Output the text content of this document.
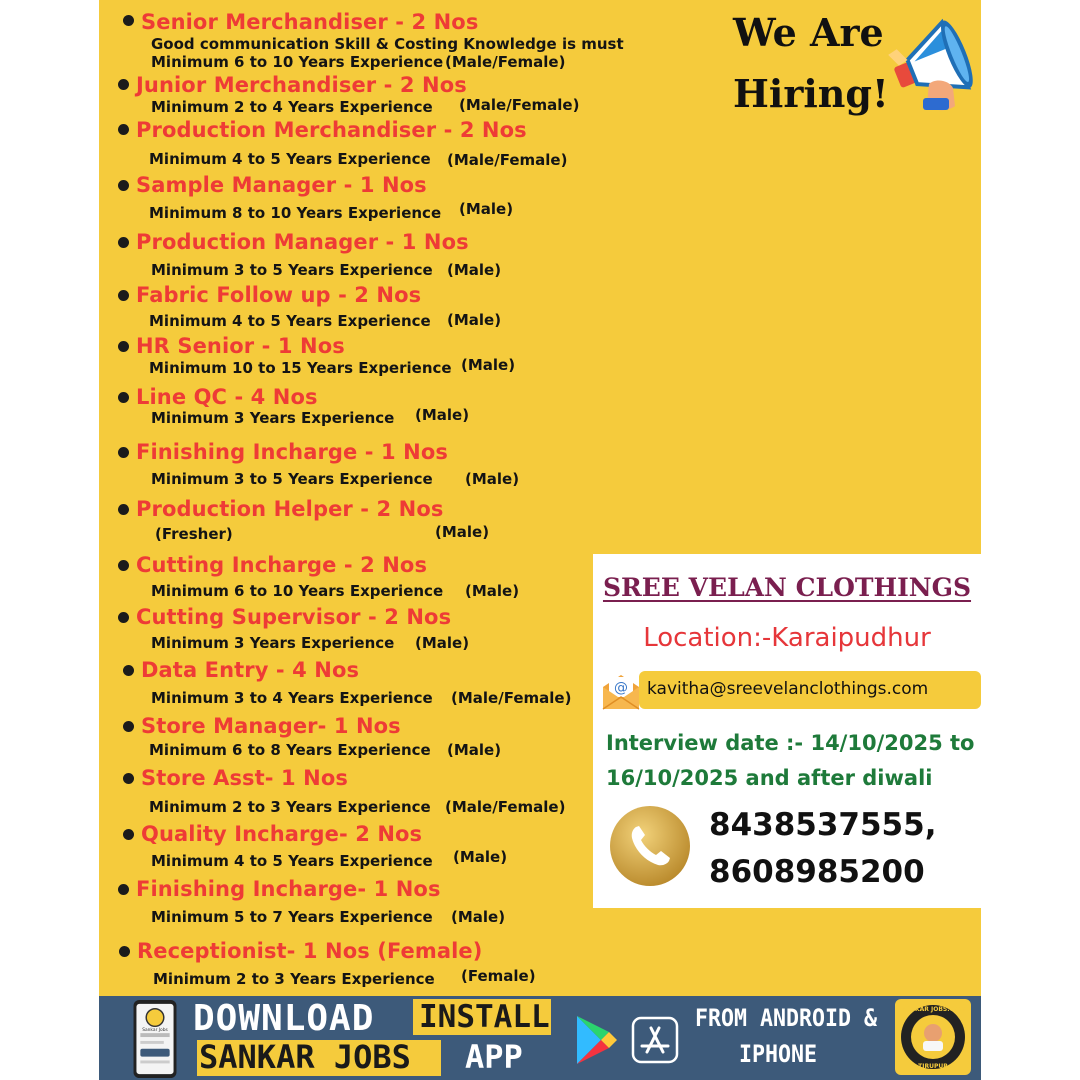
Senior Merchandiser - 2 Nos
Good communication Skill & Costing Knowledge is must
Minimum 6 to 10 Years Experience (Male/Female)
Junior Merchandiser - 2 Nos
Minimum 2 to 4 Years Experience (Male/Female)
Production Merchandiser - 2 Nos
Minimum 4 to 5 Years Experience (Male/Female)
Sample Manager - 1 Nos
Minimum 8 to 10 Years Experience (Male)
Production Manager - 1 Nos
Minimum 3 to 5 Years Experience (Male)
Fabric Follow up - 2 Nos
Minimum 4 to 5 Years Experience (Male)
HR Senior - 1 Nos
Minimum 10 to 15 Years Experience (Male)
Line QC - 4 Nos
Minimum 3 Years Experience (Male)
Finishing Incharge - 1 Nos
Minimum 3 to 5 Years Experience (Male)
Production Helper - 2 Nos
(Fresher)	(Male)
Cutting Incharge - 2 Nos
Minimum 6 to 10 Years Experience (Male)
Cutting Supervisor - 2 Nos
Minimum 3 Years Experience (Male)
Data Entry - 4 Nos
Minimum 3 to 4 Years Experience (Male/Female)
Store Manager- 1 Nos
Minimum 6 to 8 Years Experience (Male)
Store Asst- 1 Nos
Minimum 2 to 3 Years Experience (Male/Female)
Quality Incharge- 2 Nos
Minimum 4 to 5 Years Experience (Male)
Finishing Incharge- 1 Nos
Minimum 5 to 7 Years Experience (Male)
Receptionist- 1 Nos (Female)
Minimum 2 to 3 Years Experience (Female)
We Are
Hiring!
SREE VELAN CLOTHINGS
Location:-Karaipudhur
@ kavitha@sreevelanclothings.com
Interview date :- 14/10/2025 to 16/10/2025 and after diwali
8438537555,
8608985200
Sankar Jobs DOWNLOAD INSTALL
SANKAR JOBS APP
FROM ANDROID &
IPHONE
SANKAR JOBS.COM
TIRUPUR
